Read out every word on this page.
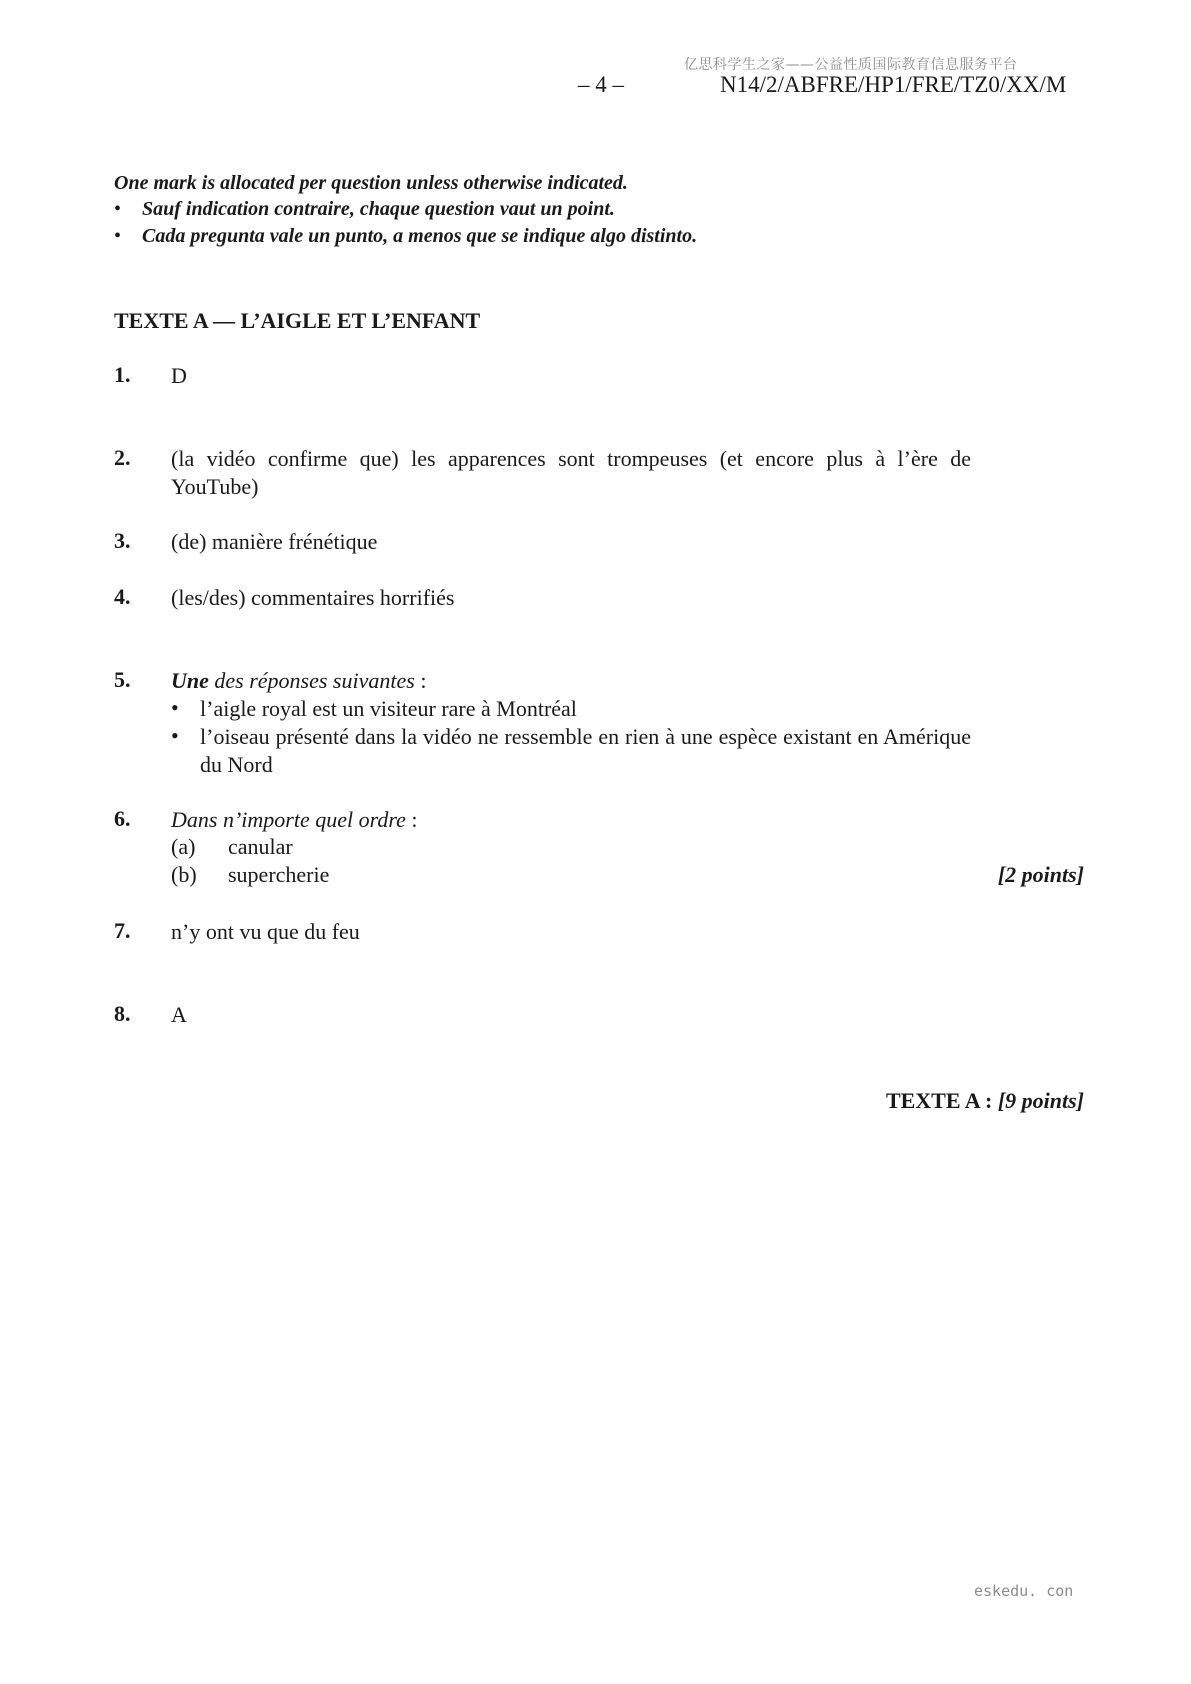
亿思科学生之家——公益性质国际教育信息服务平台
– 4 –	N14/2/ABFRE/HP1/FRE/TZ0/XX/M
One mark is allocated per question unless otherwise indicated.
• Sauf indication contraire, chaque question vaut un point.
• Cada pregunta vale un punto, a menos que se indique algo distinto.
TEXTE A — L’AIGLE ET L’ENFANT
1. D
2. (la vidéo confirme que) les apparences sont trompeuses (et encore plus à l’ère de YouTube)
3. (de) manière frénétique
4. (les/des) commentaires horrifiés
5. Une des réponses suivantes :
• l’aigle royal est un visiteur rare à Montréal
• l’oiseau présenté dans la vidéo ne ressemble en rien à une espèce existant en Amérique du Nord
6. Dans n’importe quel ordre :
(a) canular
(b) supercherie	[2 points]
7. n’y ont vu que du feu
8. A
TEXTE A : [9 points]
eskedu. con
